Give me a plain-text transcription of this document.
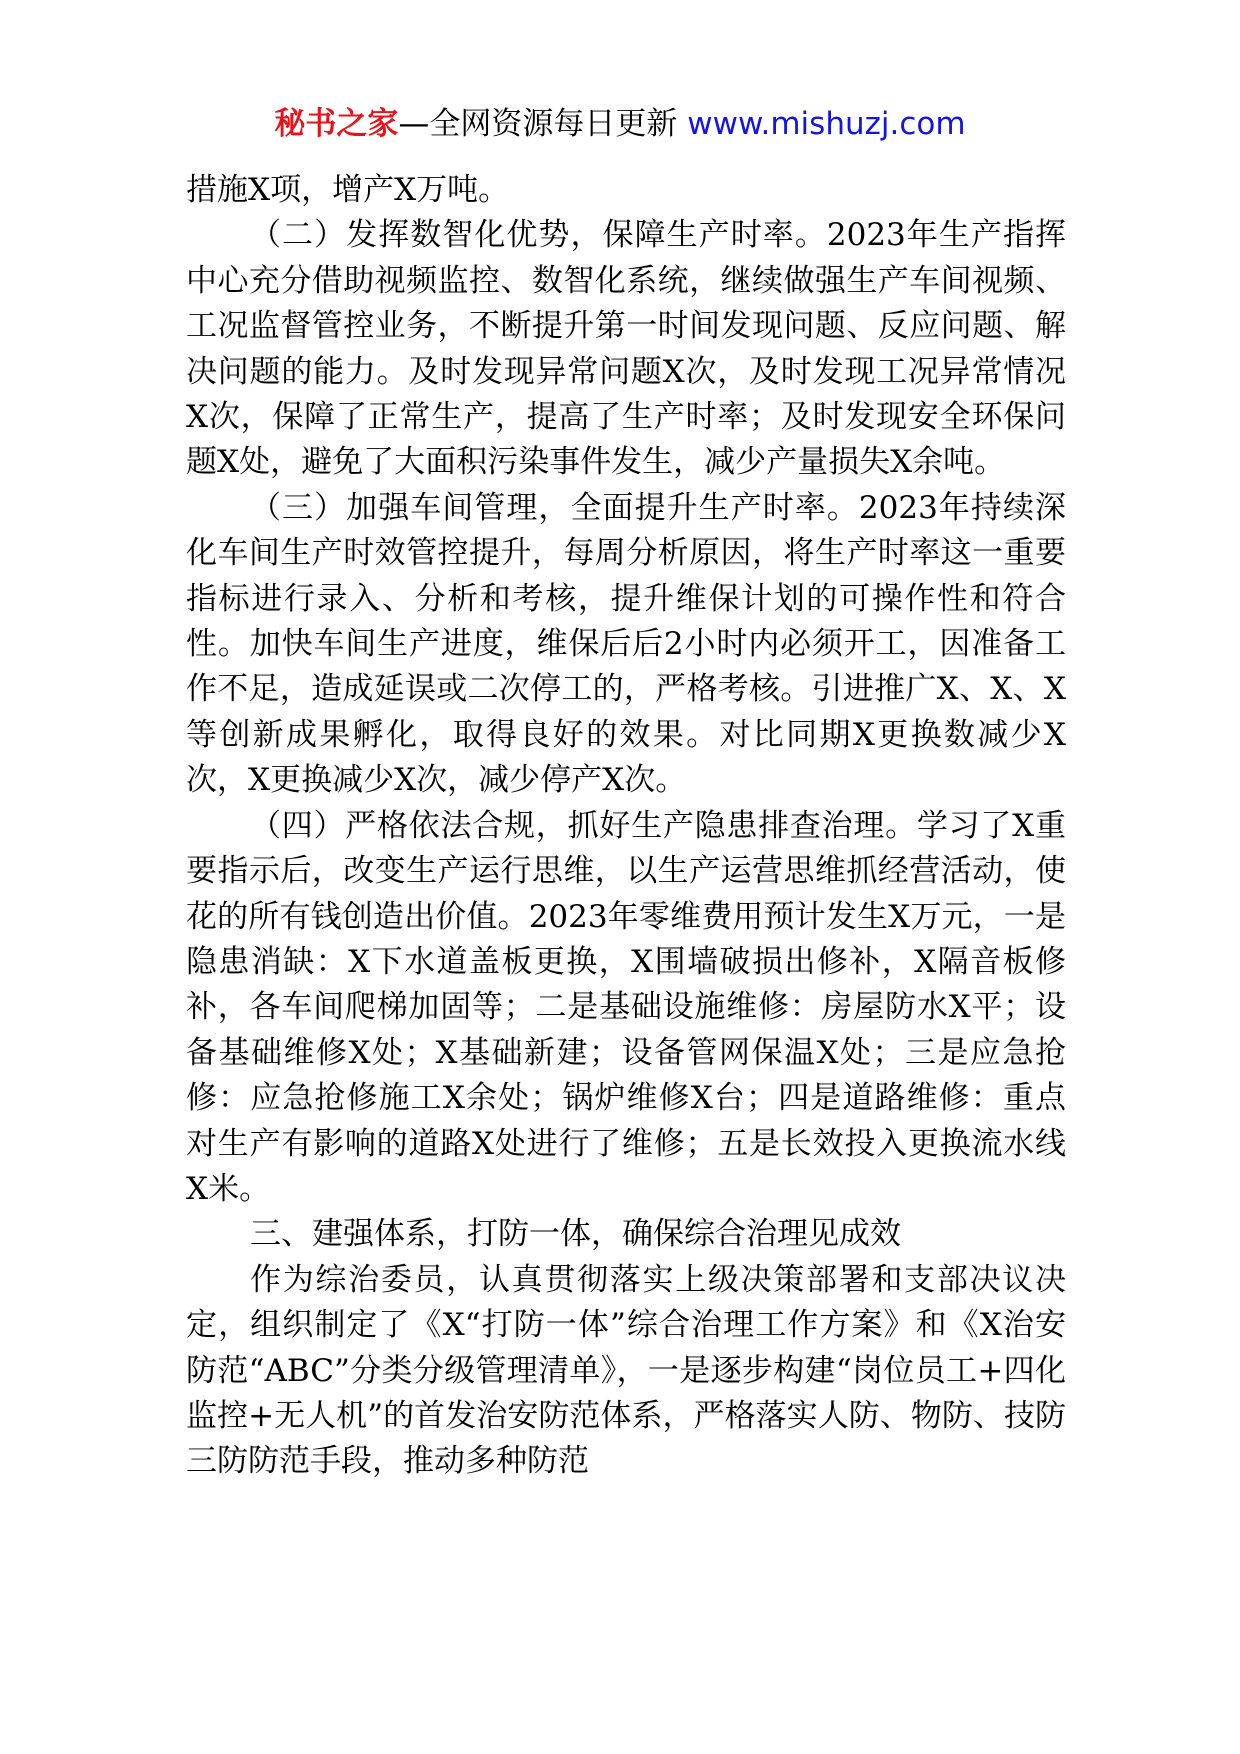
秘书之家—全网资源每日更新 www.mishuzj.com

措施X项，增产X万吨。

（二）发挥数智化优势，保障生产时率。2023年生产指挥中心充分借助视频监控、数智化系统，继续做强生产车间视频、工况监督管控业务，不断提升第一时间发现问题、反应问题、解决问题的能力。及时发现异常问题X次，及时发现工况异常情况X次，保障了正常生产，提高了生产时率；及时发现安全环保问题X处，避免了大面积污染事件发生，减少产量损失X余吨。

（三）加强车间管理，全面提升生产时率。2023年持续深化车间生产时效管控提升，每周分析原因，将生产时率这一重要指标进行录入、分析和考核，提升维保计划的可操作性和符合性。加快车间生产进度，维保后后2小时内必须开工，因准备工作不足，造成延误或二次停工的，严格考核。引进推广X、X、X等创新成果孵化，取得良好的效果。对比同期X更换数减少X次，X更换减少X次，减少停产X次。

（四）严格依法合规，抓好生产隐患排查治理。学习了X重要指示后，改变生产运行思维，以生产运营思维抓经营活动，使花的所有钱创造出价值。2023年零维费用预计发生X万元，一是隐患消缺：X下水道盖板更换，X围墙破损出修补，X隔音板修补，各车间爬梯加固等；二是基础设施维修：房屋防水X平；设备基础维修X处；X基础新建；设备管网保温X处；三是应急抢修：应急抢修施工X余处；锅炉维修X台；四是道路维修：重点对生产有影响的道路X处进行了维修；五是长效投入更换流水线X米。

三、建强体系，打防一体，确保综合治理见成效

作为综治委员，认真贯彻落实上级决策部署和支部决议决定，组织制定了《X“打防一体”综合治理工作方案》和《X治安防范“ABC”分类分级管理清单》，一是逐步构建“岗位员工+四化监控+无人机”的首发治安防范体系，严格落实人防、物防、技防三防防范手段，推动多种防范
